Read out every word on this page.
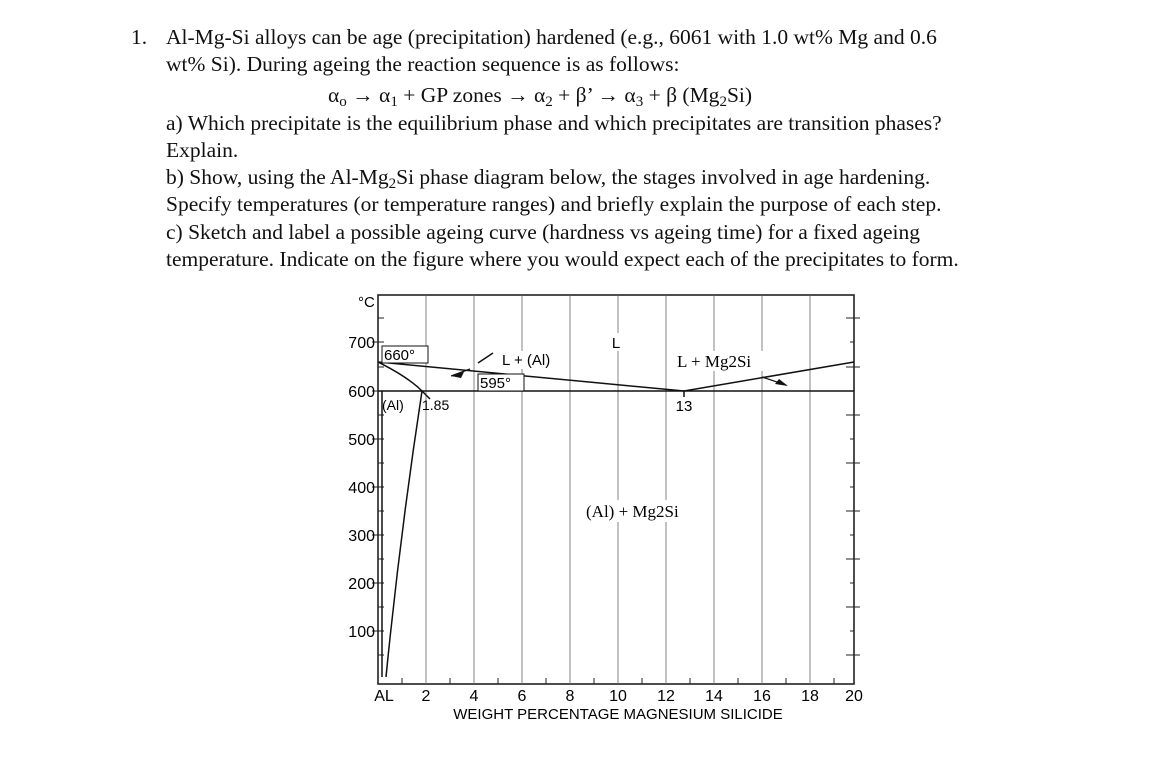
1. Al-Mg-Si alloys can be age (precipitation) hardened (e.g., 6061 with 1.0 wt% Mg and 0.6
wt% Si). During ageing the reaction sequence is as follows:
$\alpha_o \to \alpha_1$ + GP zones → $\alpha_2 + \beta$’ → $\alpha_3 + \beta$ $(Mg_2Si)$
a) Which precipitate is the equilibrium phase and which precipitates are transition phases?
Explain.
b) Show, using the $Al-Mg_2Si$ phase diagram below, the stages involved in age hardening.
Specify temperatures (or temperature ranges) and briefly explain the purpose of each step.
c) Sketch and label a possible ageing curve (hardness vs ageing time) for a fixed ageing
temperature. Indicate on the figure where you would expect each of the precipitates to form.
°C
700
600
500
400
300
200
100
AL 2 4 6 8 10 12 14 16 18 20
WEIGHT PERCENTAGE MAGNESIUM SILICIDE
660°
595°
1.85	13
L
L + (Al)	L + Mg2Si
(Al)
(Al) + Mg2Si
